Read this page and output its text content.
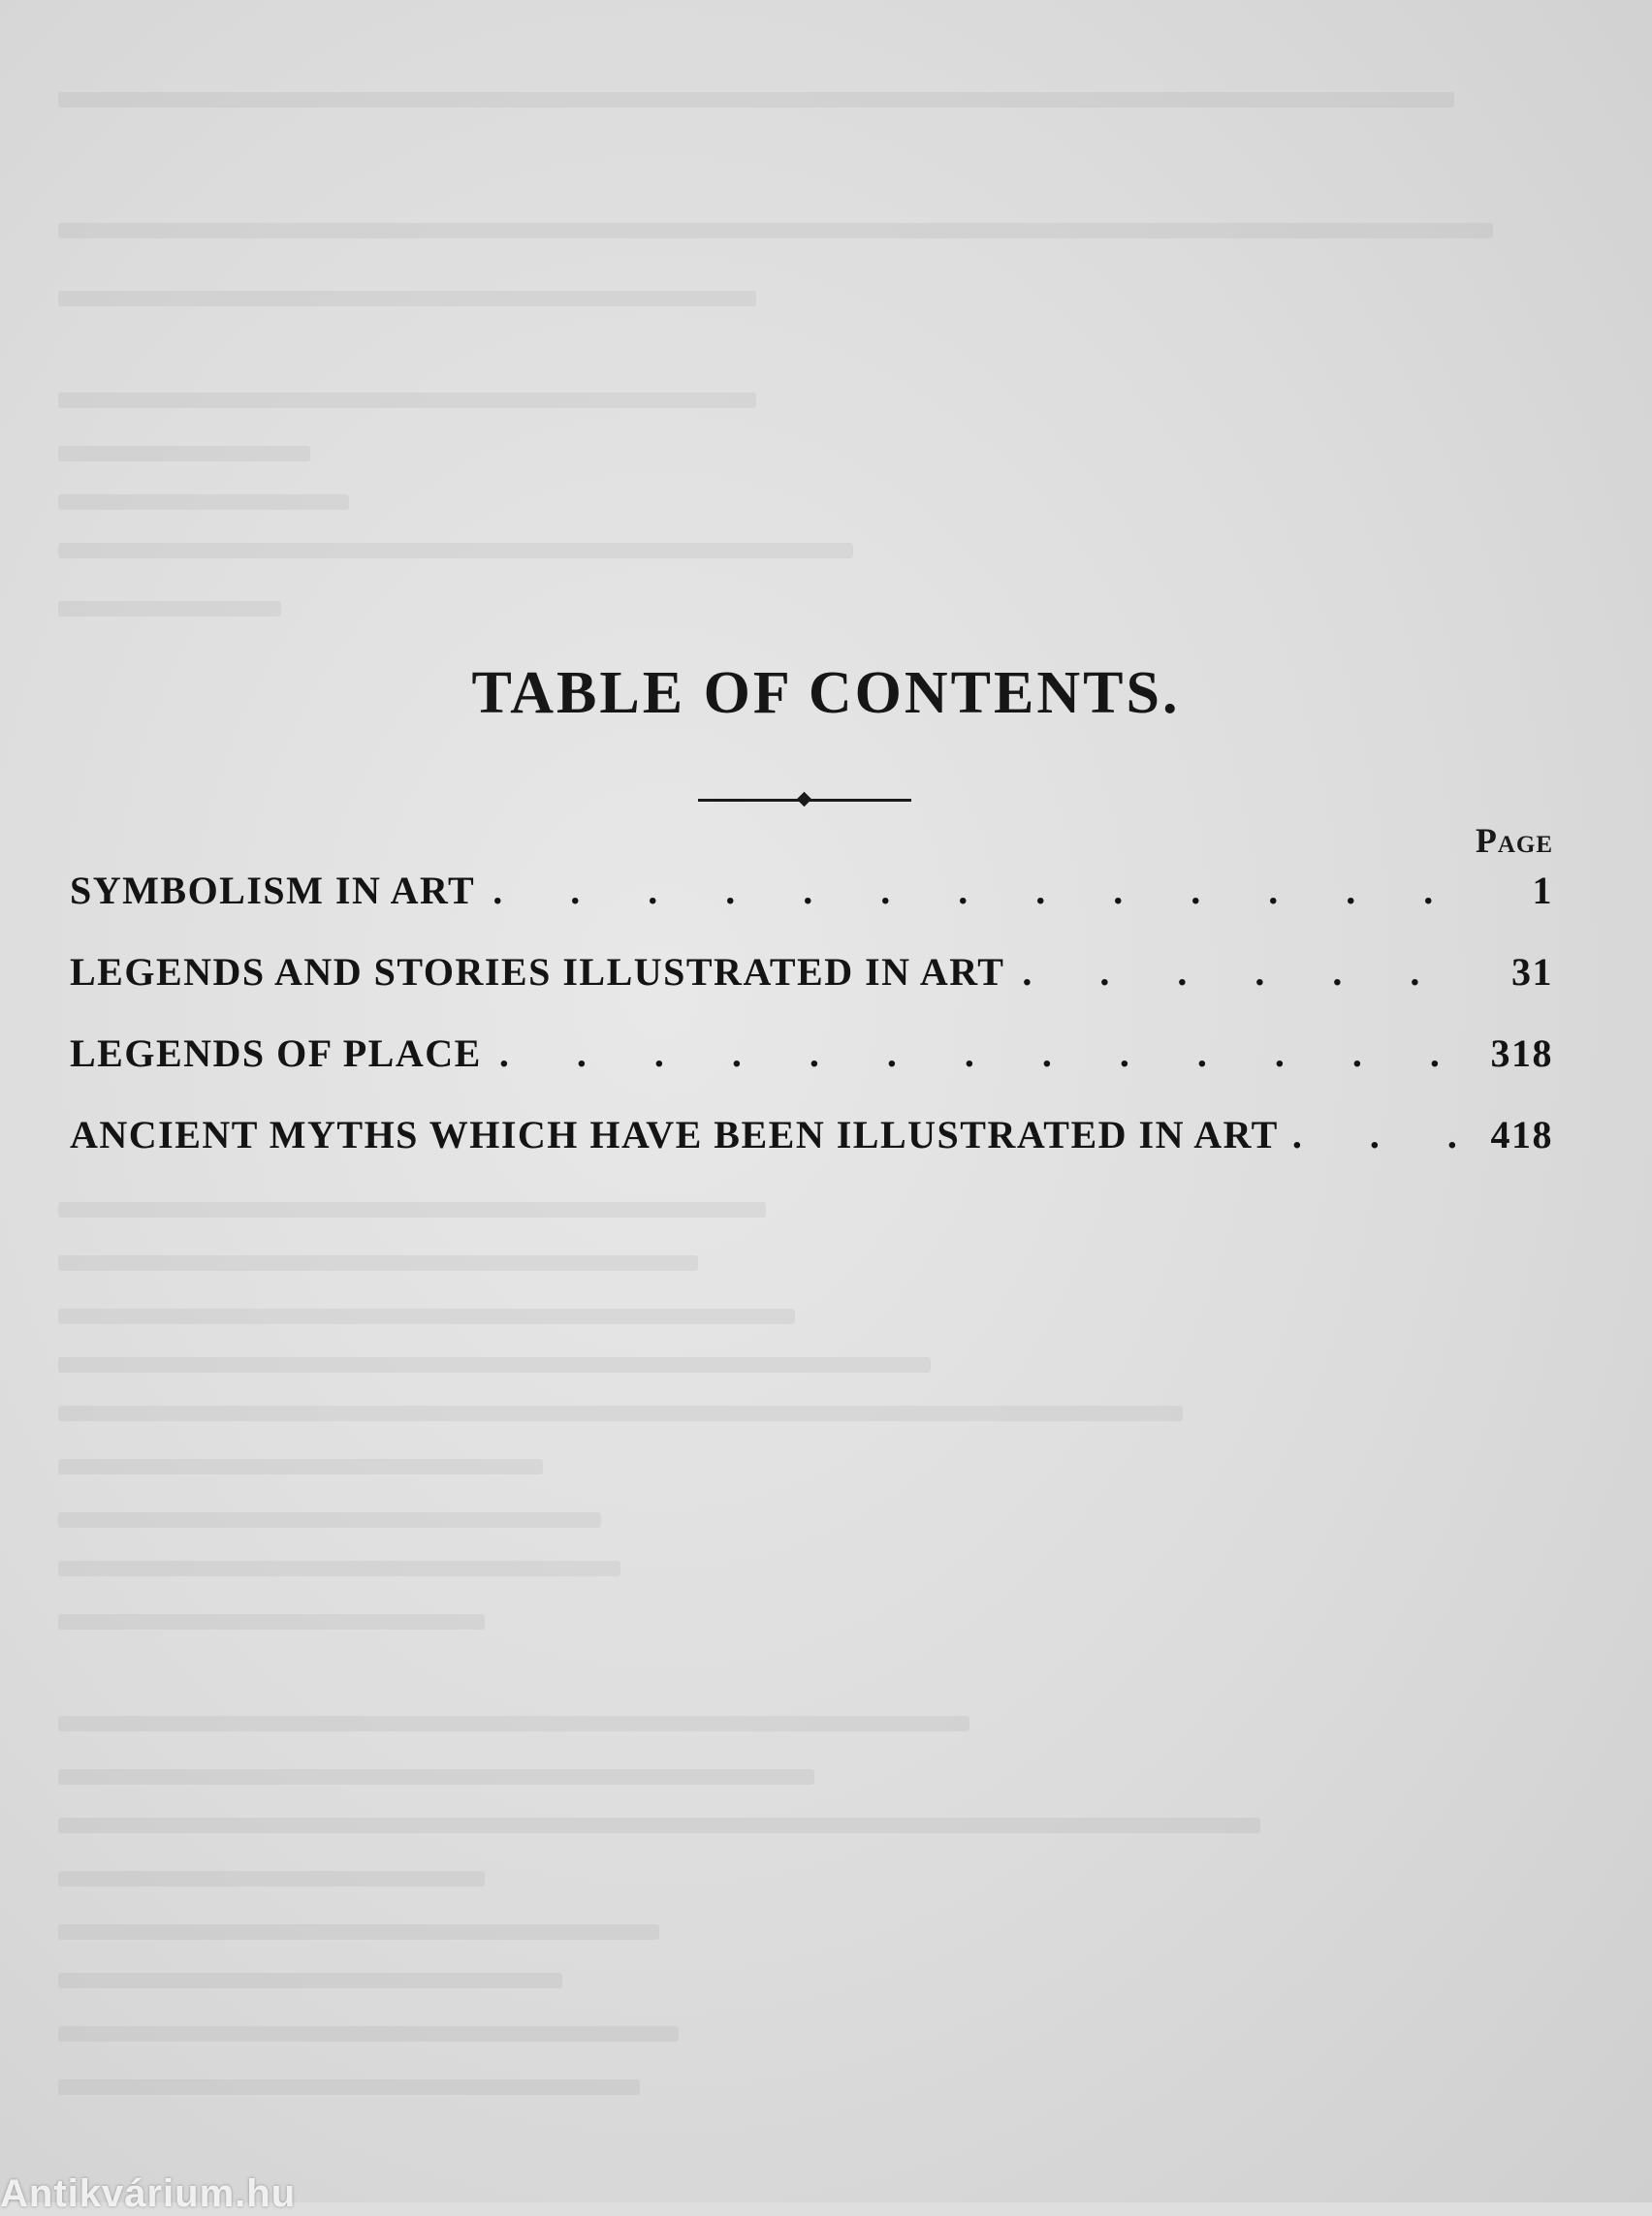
TABLE OF CONTENTS.
Page
SYMBOLISM IN ART . . .	1
LEGENDS AND STORIES ILLUSTRATED IN ART . . .	31
LEGENDS OF PLACE . . .	318
ANCIENT MYTHS WHICH HAVE BEEN ILLUSTRATED IN ART . . .	418
Antikvárium.hu
